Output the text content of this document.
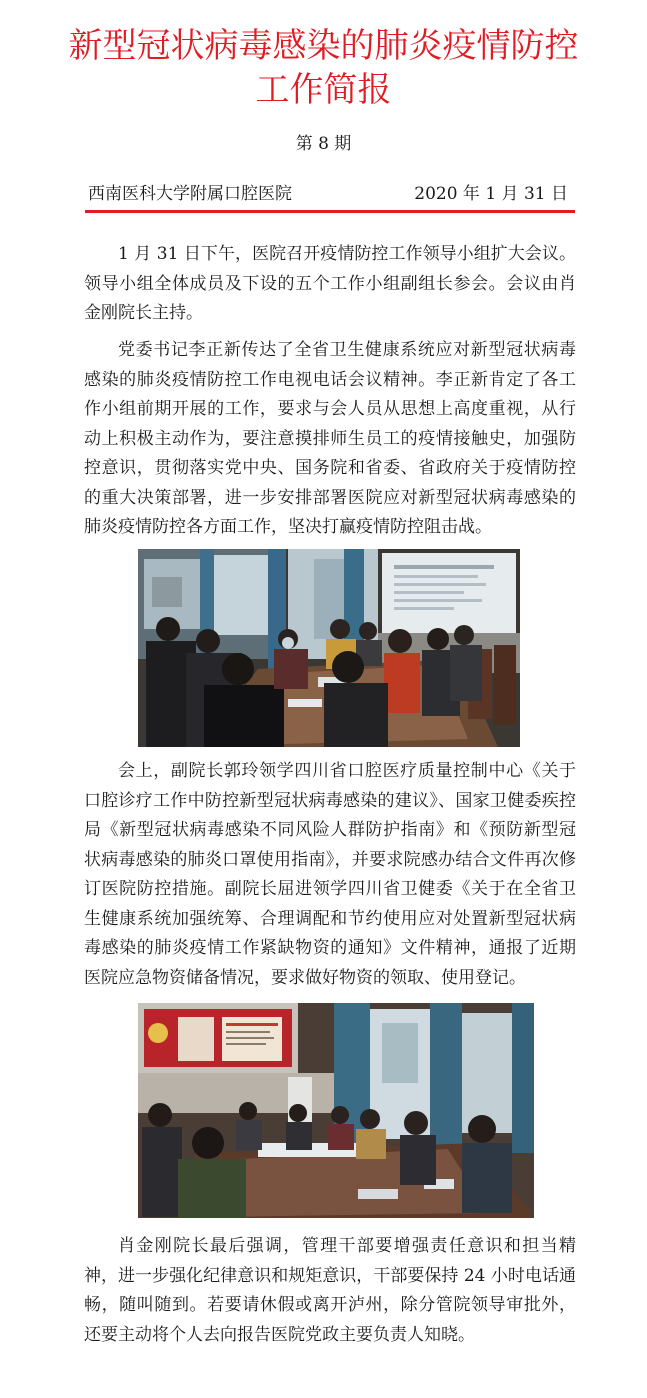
新型冠状病毒感染的肺炎疫情防控
工作简报
第 8 期
西南医科大学附属口腔医院	2020 年 1 月 31 日

1 月 31 日下午，医院召开疫情防控工作领导小组扩大会议。领导小组全体成员及下设的五个工作小组副组长参会。会议由肖金刚院长主持。

党委书记李正新传达了全省卫生健康系统应对新型冠状病毒感染的肺炎疫情防控工作电视电话会议精神。李正新肯定了各工作小组前期开展的工作，要求与会人员从思想上高度重视，从行动上积极主动作为，要注意摸排师生员工的疫情接触史，加强防控意识，贯彻落实党中央、国务院和省委、省政府关于疫情防控的重大决策部署，进一步安排部署医院应对新型冠状病毒感染的肺炎疫情防控各方面工作，坚决打赢疫情防控阻击战。

会上，副院长郭玲领学四川省口腔医疗质量控制中心《关于口腔诊疗工作中防控新型冠状病毒感染的建议》、国家卫健委疾控局《新型冠状病毒感染不同风险人群防护指南》和《预防新型冠状病毒感染的肺炎口罩使用指南》，并要求院感办结合文件再次修订医院防控措施。副院长屈进领学四川省卫健委《关于在全省卫生健康系统加强统筹、合理调配和节约使用应对处置新型冠状病毒感染的肺炎疫情工作紧缺物资的通知》文件精神，通报了近期医院应急物资储备情况，要求做好物资的领取、使用登记。

肖金刚院长最后强调，管理干部要增强责任意识和担当精神，进一步强化纪律意识和规矩意识，干部要保持 24 小时电话通畅，随叫随到。若要请休假或离开泸州，除分管院领导审批外，还要主动将个人去向报告医院党政主要负责人知晓。
